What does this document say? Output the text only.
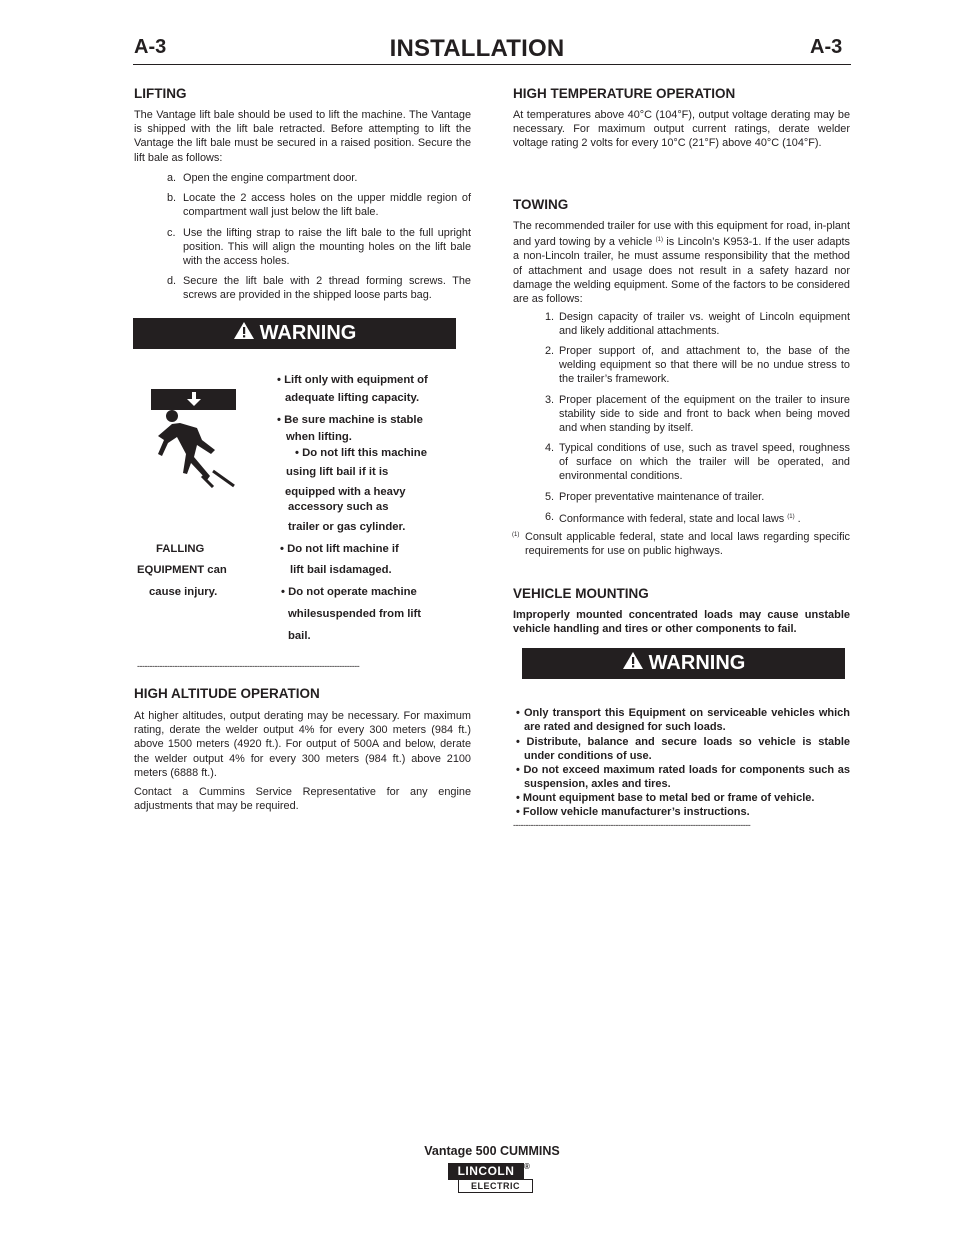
A-3	INSTALLATION	A-3
LIFTING
The Vantage lift bale should be used to lift the machine. The Vantage is shipped with the lift bale retracted. Before attempting to lift the Vantage the lift bale must be secured in a raised position. Secure the lift bale as follows:
a. Open the engine compartment door.
b. Locate the 2 access holes on the upper middle region of compartment wall just below the lift bale.
c. Use the lifting strap to raise the lift bale to the full upright position. This will align the mounting holes on the lift bale with the access holes.
d. Secure the lift bale with 2 thread forming screws. The screws are provided in the shipped loose parts bag.
WARNING
FALLING
EQUIPMENT can
cause injury.
• Lift only with equipment of
adequate lifting capacity.
• Be sure machine is stable
when lifting.
• Do not lift this machine
using lift bail if it is
equipped with a heavy
accessory such as
trailer or gas cylinder.
• Do not lift machine if
lift bail isdamaged.
• Do not operate machine
whilesuspended from lift
bail.
-----------------------------------------------------------------------------------------
HIGH ALTITUDE OPERATION
At higher altitudes, output derating may be necessary. For maximum rating, derate the welder output 4% for every 300 meters (984 ft.) above 1500 meters (4920 ft.). For output of 500A and below, derate the welder output 4% for every 300 meters (984 ft.) above 2100 meters (6888 ft.).
Contact a Cummins Service Representative for any engine adjustments that may be required.
HIGH TEMPERATURE OPERATION
At temperatures above 40°C (104°F), output voltage derating may be necessary. For maximum output current ratings, derate welder voltage rating 2 volts for every 10°C (21°F) above 40°C (104°F).
TOWING
The recommended trailer for use with this equipment for road, in-plant and yard towing by a vehicle $^{(1)}$ is Lincoln’s K953-1. If the user adapts a non-Lincoln trailer, he must assume responsibility that the method of attachment and usage does not result in a safety hazard nor damage the welding equipment. Some of the factors to be considered are as follows:
1. Design capacity of trailer vs. weight of Lincoln equipment and likely additional attachments.
2. Proper support of, and attachment to, the base of the welding equipment so that there will be no undue stress to the trailer’s framework.
3. Proper placement of the equipment on the trailer to insure stability side to side and front to back when being moved and when standing by itself.
4. Typical conditions of use, such as travel speed, roughness of surface on which the trailer will be operated, and environmental conditions.
5. Proper preventative maintenance of trailer.
6. Conformance with federal, state and local laws $^{(1)}$ .
(1) Consult applicable federal, state and local laws regarding specific requirements for use on public highways.
VEHICLE MOUNTING
Improperly mounted concentrated loads may cause unstable vehicle handling and tires or other components to fail.
WARNING
• Only transport this Equipment on serviceable vehicles which are rated and designed for such loads.
• Distribute, balance and secure loads so vehicle is stable under conditions of use.
• Do not exceed maximum rated loads for components such as suspension, axles and tires.
• Mount equipment base to metal bed or frame of vehicle.
• Follow vehicle manufacturer’s instructions.
-----------------------------------------------------------------------------------------------
Vantage 500 CUMMINS
LINCOLN	®
ELECTRIC
